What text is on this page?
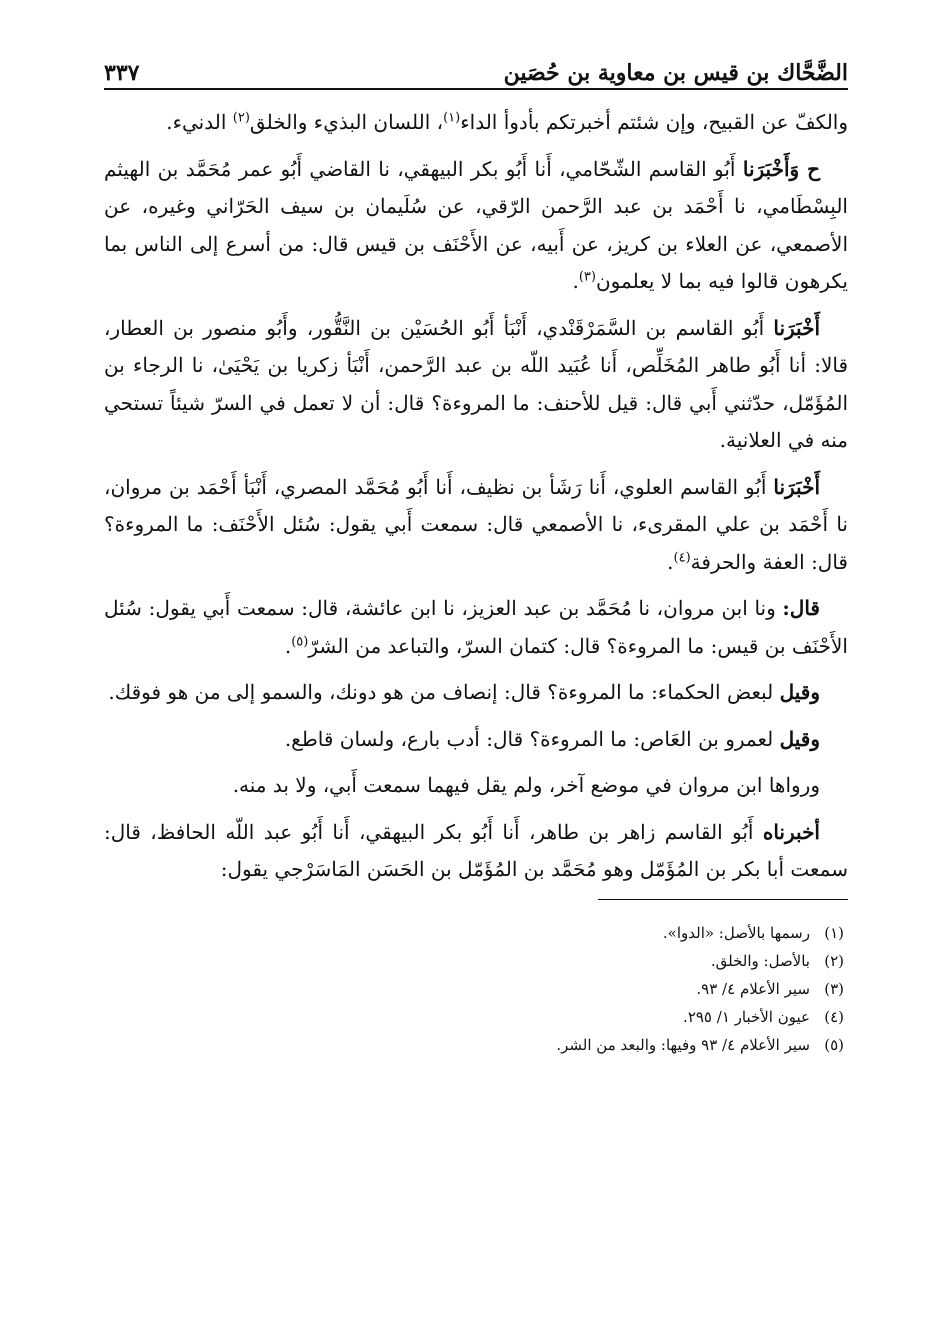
الضَّحَّاك بن قيس بن معاوية بن حُصَين
٣٣٧

والكفّ عن القبيح، وإن شئتم أخبرتكم بأدوأ الداء$^{(١)}$، اللسان البذيء والخلق$^{(٢)}$ الدنيء.

ح وَأَخْبَرَنا أَبُو القاسم الشّحّامي، أَنا أَبُو بكر البيهقي، نا القاضي أَبُو عمر مُحَمَّد بن الهيثم البِسْطَامي، نا أَحْمَد بن عبد الرَّحمن الرّقي، عن سُلَيمان بن سيف الحَرّاني وغيره، عن الأصمعي، عن العلاء بن كريز، عن أَبيه، عن الأَحْنَف بن قيس قال: من أسرع إلى الناس بما يكرهون قالوا فيه بما لا يعلمون$^{(٣)}$.

أَخْبَرَنا أَبُو القاسم بن السَّمَرْقَنْدي، أَنْبَأ أَبُو الحُسَيْن بن النَّقُّور، وأَبُو منصور بن العطار، قالا: أنا أَبُو طاهر المُخَلِّص، أَنا عُبَيد اللّه بن عبد الرَّحمن، أَنْبَأ زكريا بن يَحْيَىٰ، نا الرجاء بن المُؤَمّل، حدّثني أَبي قال: قيل للأحنف: ما المروءة؟ قال: أن لا تعمل في السرّ شيئاً تستحي منه في العلانية.

أَخْبَرَنا أَبُو القاسم العلوي، أَنا رَشَأ بن نظيف، أَنا أَبُو مُحَمَّد المصري، أَنْبَأ أَحْمَد بن مروان، نا أَحْمَد بن علي المقرىء، نا الأصمعي قال: سمعت أَبي يقول: سُئل الأَحْنَف: ما المروءة؟ قال: العفة والحرفة$^{(٤)}$.

قال: ونا ابن مروان، نا مُحَمَّد بن عبد العزيز، نا ابن عائشة، قال: سمعت أَبي يقول: سُئل الأَحْنَف بن قيس: ما المروءة؟ قال: كتمان السرّ، والتباعد من الشرّ$^{(٥)}$.

وقيل لبعض الحكماء: ما المروءة؟ قال: إنصاف من هو دونك، والسمو إلى من هو فوقك.

وقيل لعمرو بن العَاص: ما المروءة؟ قال: أدب بارع، ولسان قاطع.

ورواها ابن مروان في موضع آخر، ولم يقل فيهما سمعت أَبي، ولا بد منه.

أخبرناه أَبُو القاسم زاهر بن طاهر، أَنا أَبُو بكر البيهقي، أَنا أَبُو عبد اللّه الحافظ، قال: سمعت أبا بكر بن المُؤَمّل وهو مُحَمَّد بن المُؤَمّل بن الحَسَن المَاسَرْجي يقول:

(١)رسمها بالأصل: «الدوا».
(٢)بالأصل: والخلق.
(٣)سير الأعلام ٤/ ٩٣.
(٤)عيون الأخبار ١/ ٢٩٥.
(٥)سير الأعلام ٤/ ٩٣ وفيها: والبعد من الشر.
